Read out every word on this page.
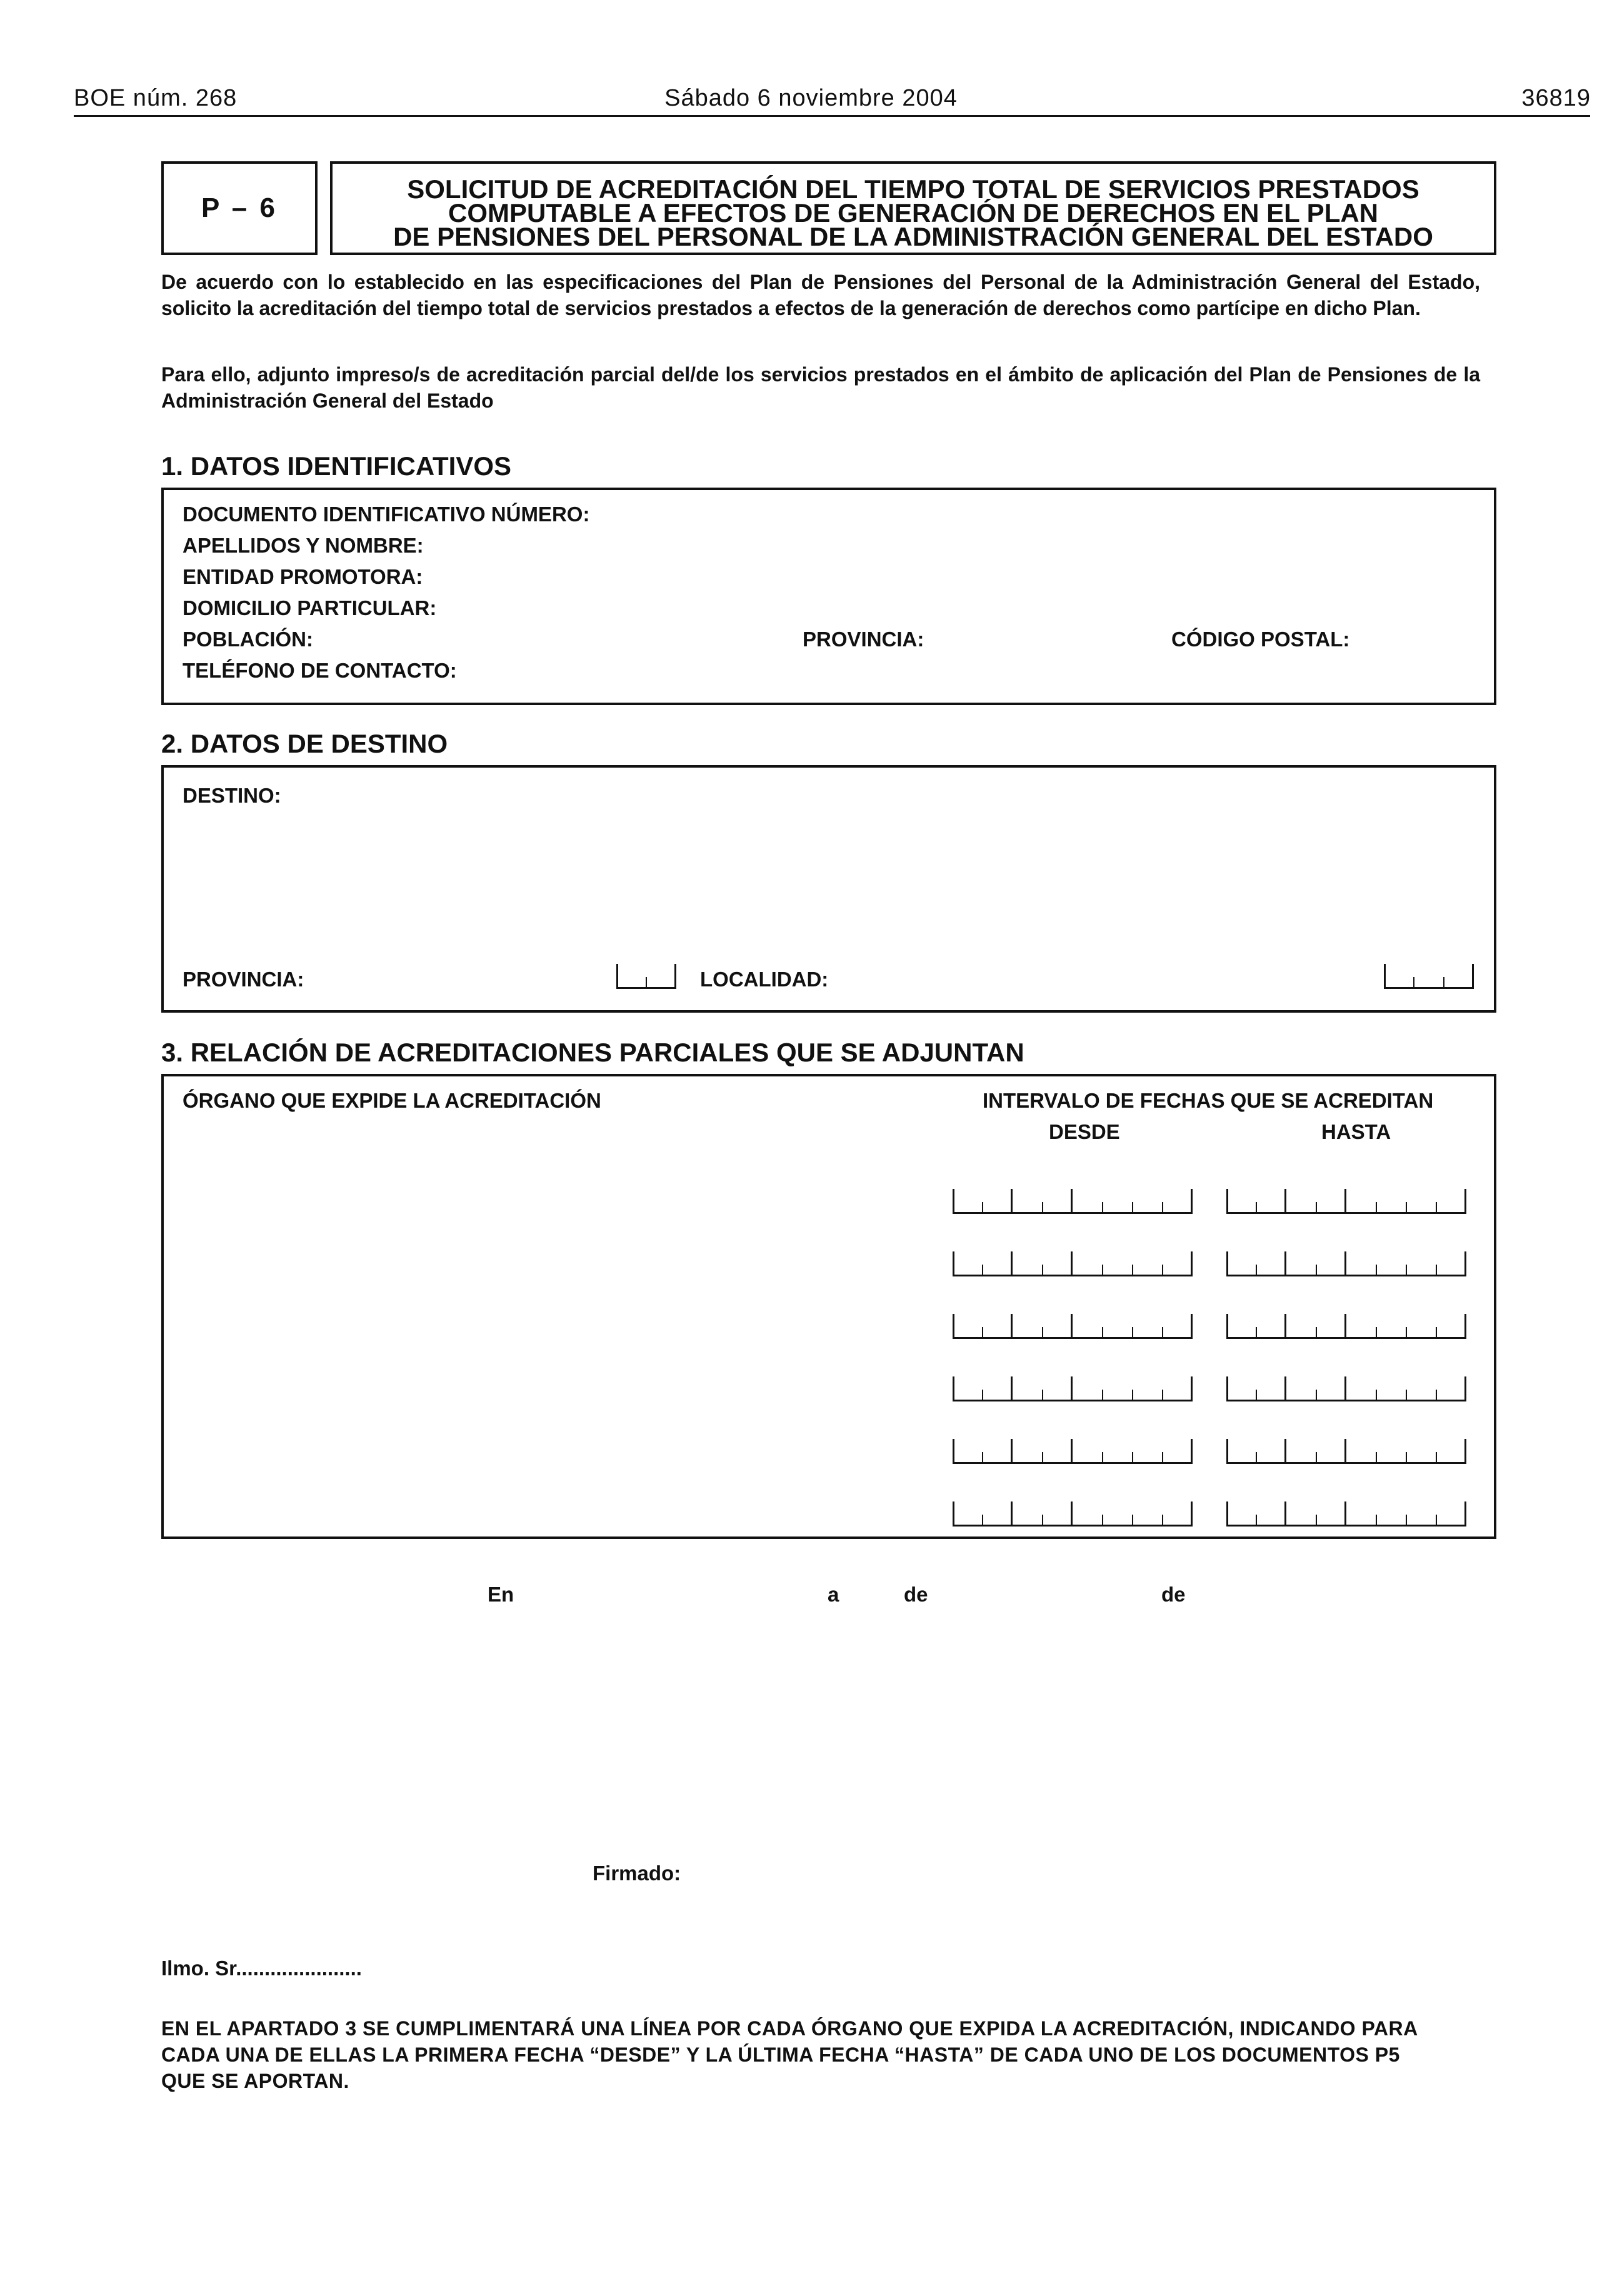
BOE núm. 268	Sábado 6 noviembre 2004	36819
P – 6
SOLICITUD DE ACREDITACIÓN DEL TIEMPO TOTAL DE SERVICIOS PRESTADOS
COMPUTABLE A EFECTOS DE GENERACIÓN DE DERECHOS EN EL PLAN
DE PENSIONES DEL PERSONAL DE LA ADMINISTRACIÓN GENERAL DEL ESTADO
De acuerdo con lo establecido en las especificaciones del Plan de Pensiones del Personal de la Administración General del Estado, solicito la acreditación del tiempo total de servicios prestados a efectos de la generación de derechos como partícipe en dicho Plan.
Para ello, adjunto impreso/s de acreditación parcial del/de los servicios prestados en el ámbito de aplicación del Plan de Pensiones de la Administración General del Estado
1. DATOS IDENTIFICATIVOS
DOCUMENTO IDENTIFICATIVO NÚMERO:
APELLIDOS Y NOMBRE:
ENTIDAD PROMOTORA:
DOMICILIO PARTICULAR:
POBLACIÓN:	PROVINCIA:	CÓDIGO POSTAL:
TELÉFONO DE CONTACTO:
2. DATOS DE DESTINO
DESTINO:
PROVINCIA:	LOCALIDAD:
3. RELACIÓN DE ACREDITACIONES PARCIALES QUE SE ADJUNTAN
ÓRGANO QUE EXPIDE LA ACREDITACIÓN	INTERVALO DE FECHAS QUE SE ACREDITAN
DESDE	HASTA
En	a	de	de
Firmado:
Ilmo. Sr......................
EN EL APARTADO 3 SE CUMPLIMENTARÁ UNA LÍNEA POR CADA ÓRGANO QUE EXPIDA LA ACREDITACIÓN, INDICANDO PARA CADA UNA DE ELLAS LA PRIMERA FECHA “DESDE” Y LA ÚLTIMA FECHA “HASTA” DE CADA UNO DE LOS DOCUMENTOS P5 QUE SE APORTAN.
